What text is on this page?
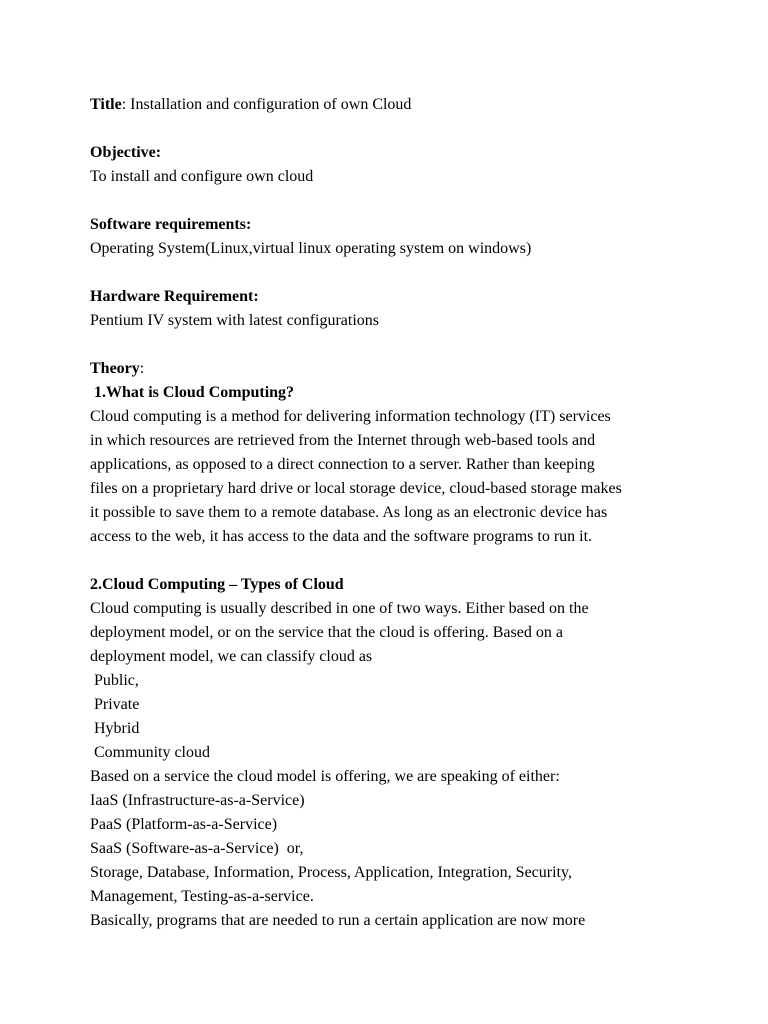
Title: Installation and configuration of own Cloud
Objective:
To install and configure own cloud
Software requirements:
Operating System(Linux,virtual linux operating system on windows)
Hardware Requirement:
Pentium IV system with latest configurations
Theory:
1.What is Cloud Computing?
Cloud computing is a method for delivering information technology (IT) services
in which resources are retrieved from the Internet through web-based tools and
applications, as opposed to a direct connection to a server. Rather than keeping
files on a proprietary hard drive or local storage device, cloud-based storage makes
it possible to save them to a remote database. As long as an electronic device has
access to the web, it has access to the data and the software programs to run it.
2.Cloud Computing – Types of Cloud
Cloud computing is usually described in one of two ways. Either based on the
deployment model, or on the service that the cloud is offering. Based on a
deployment model, we can classify cloud as
Public,
Private
Hybrid
Community cloud
Based on a service the cloud model is offering, we are speaking of either:
IaaS (Infrastructure-as-a-Service)
PaaS (Platform-as-a-Service)
SaaS (Software-as-a-Service)  or,
Storage, Database, Information, Process, Application, Integration, Security,
Management, Testing-as-a-service.
Basically, programs that are needed to run a certain application are now more
